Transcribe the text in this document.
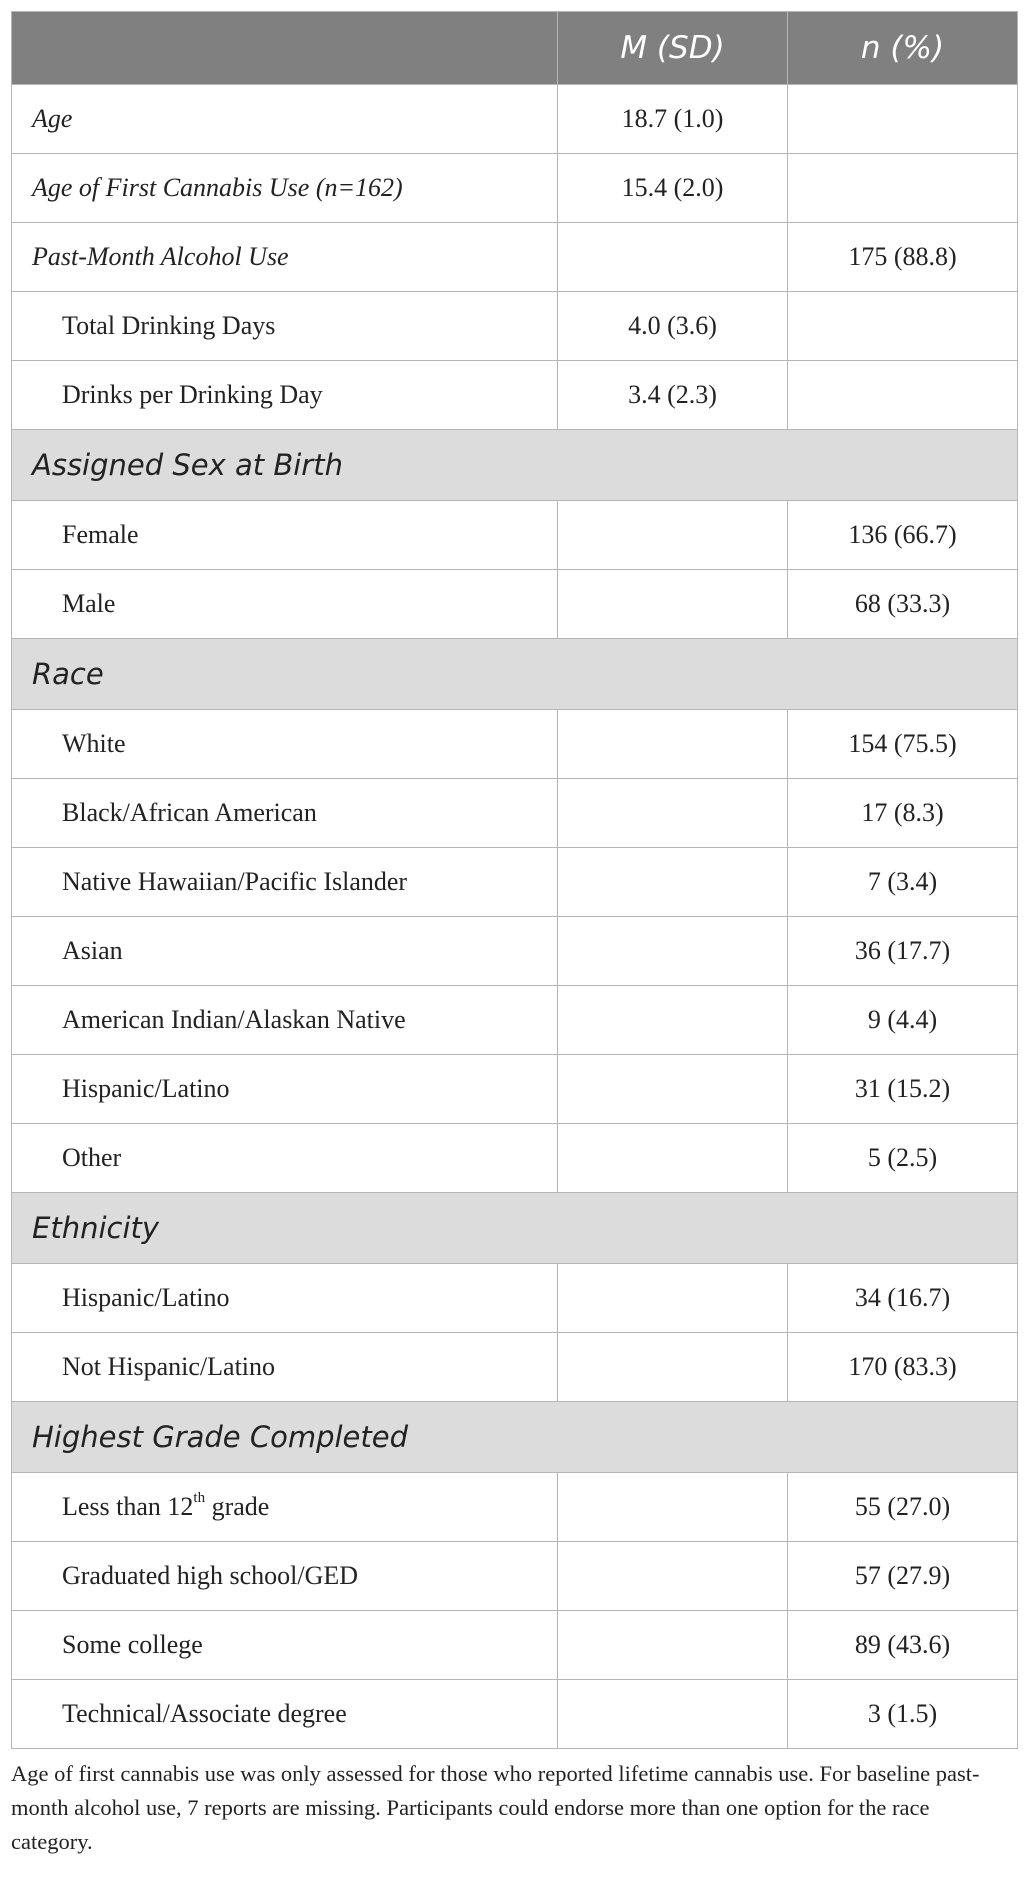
	M (SD)	n (%)
Age	18.7 (1.0)	
Age of First Cannabis Use (n=162)	15.4 (2.0)	
Past-Month Alcohol Use		175 (88.8)
Total Drinking Days	4.0 (3.6)	
Drinks per Drinking Day	3.4 (2.3)	
Assigned Sex at Birth		
Female		136 (66.7)
Male		68 (33.3)
Race		
White		154 (75.5)
Black/African American		17 (8.3)
Native Hawaiian/Pacific Islander		7 (3.4)
Asian		36 (17.7)
American Indian/Alaskan Native		9 (4.4)
Hispanic/Latino		31 (15.2)
Other		5 (2.5)
Ethnicity		
Hispanic/Latino		34 (16.7)
Not Hispanic/Latino		170 (83.3)
Highest Grade Completed		
Less than 12th grade		55 (27.0)
Graduated high school/GED		57 (27.9)
Some college		89 (43.6)
Technical/Associate degree		3 (1.5)
Age of first cannabis use was only assessed for those who reported lifetime cannabis use. For baseline past-month alcohol use, 7 reports are missing. Participants could endorse more than one option for the race category.
